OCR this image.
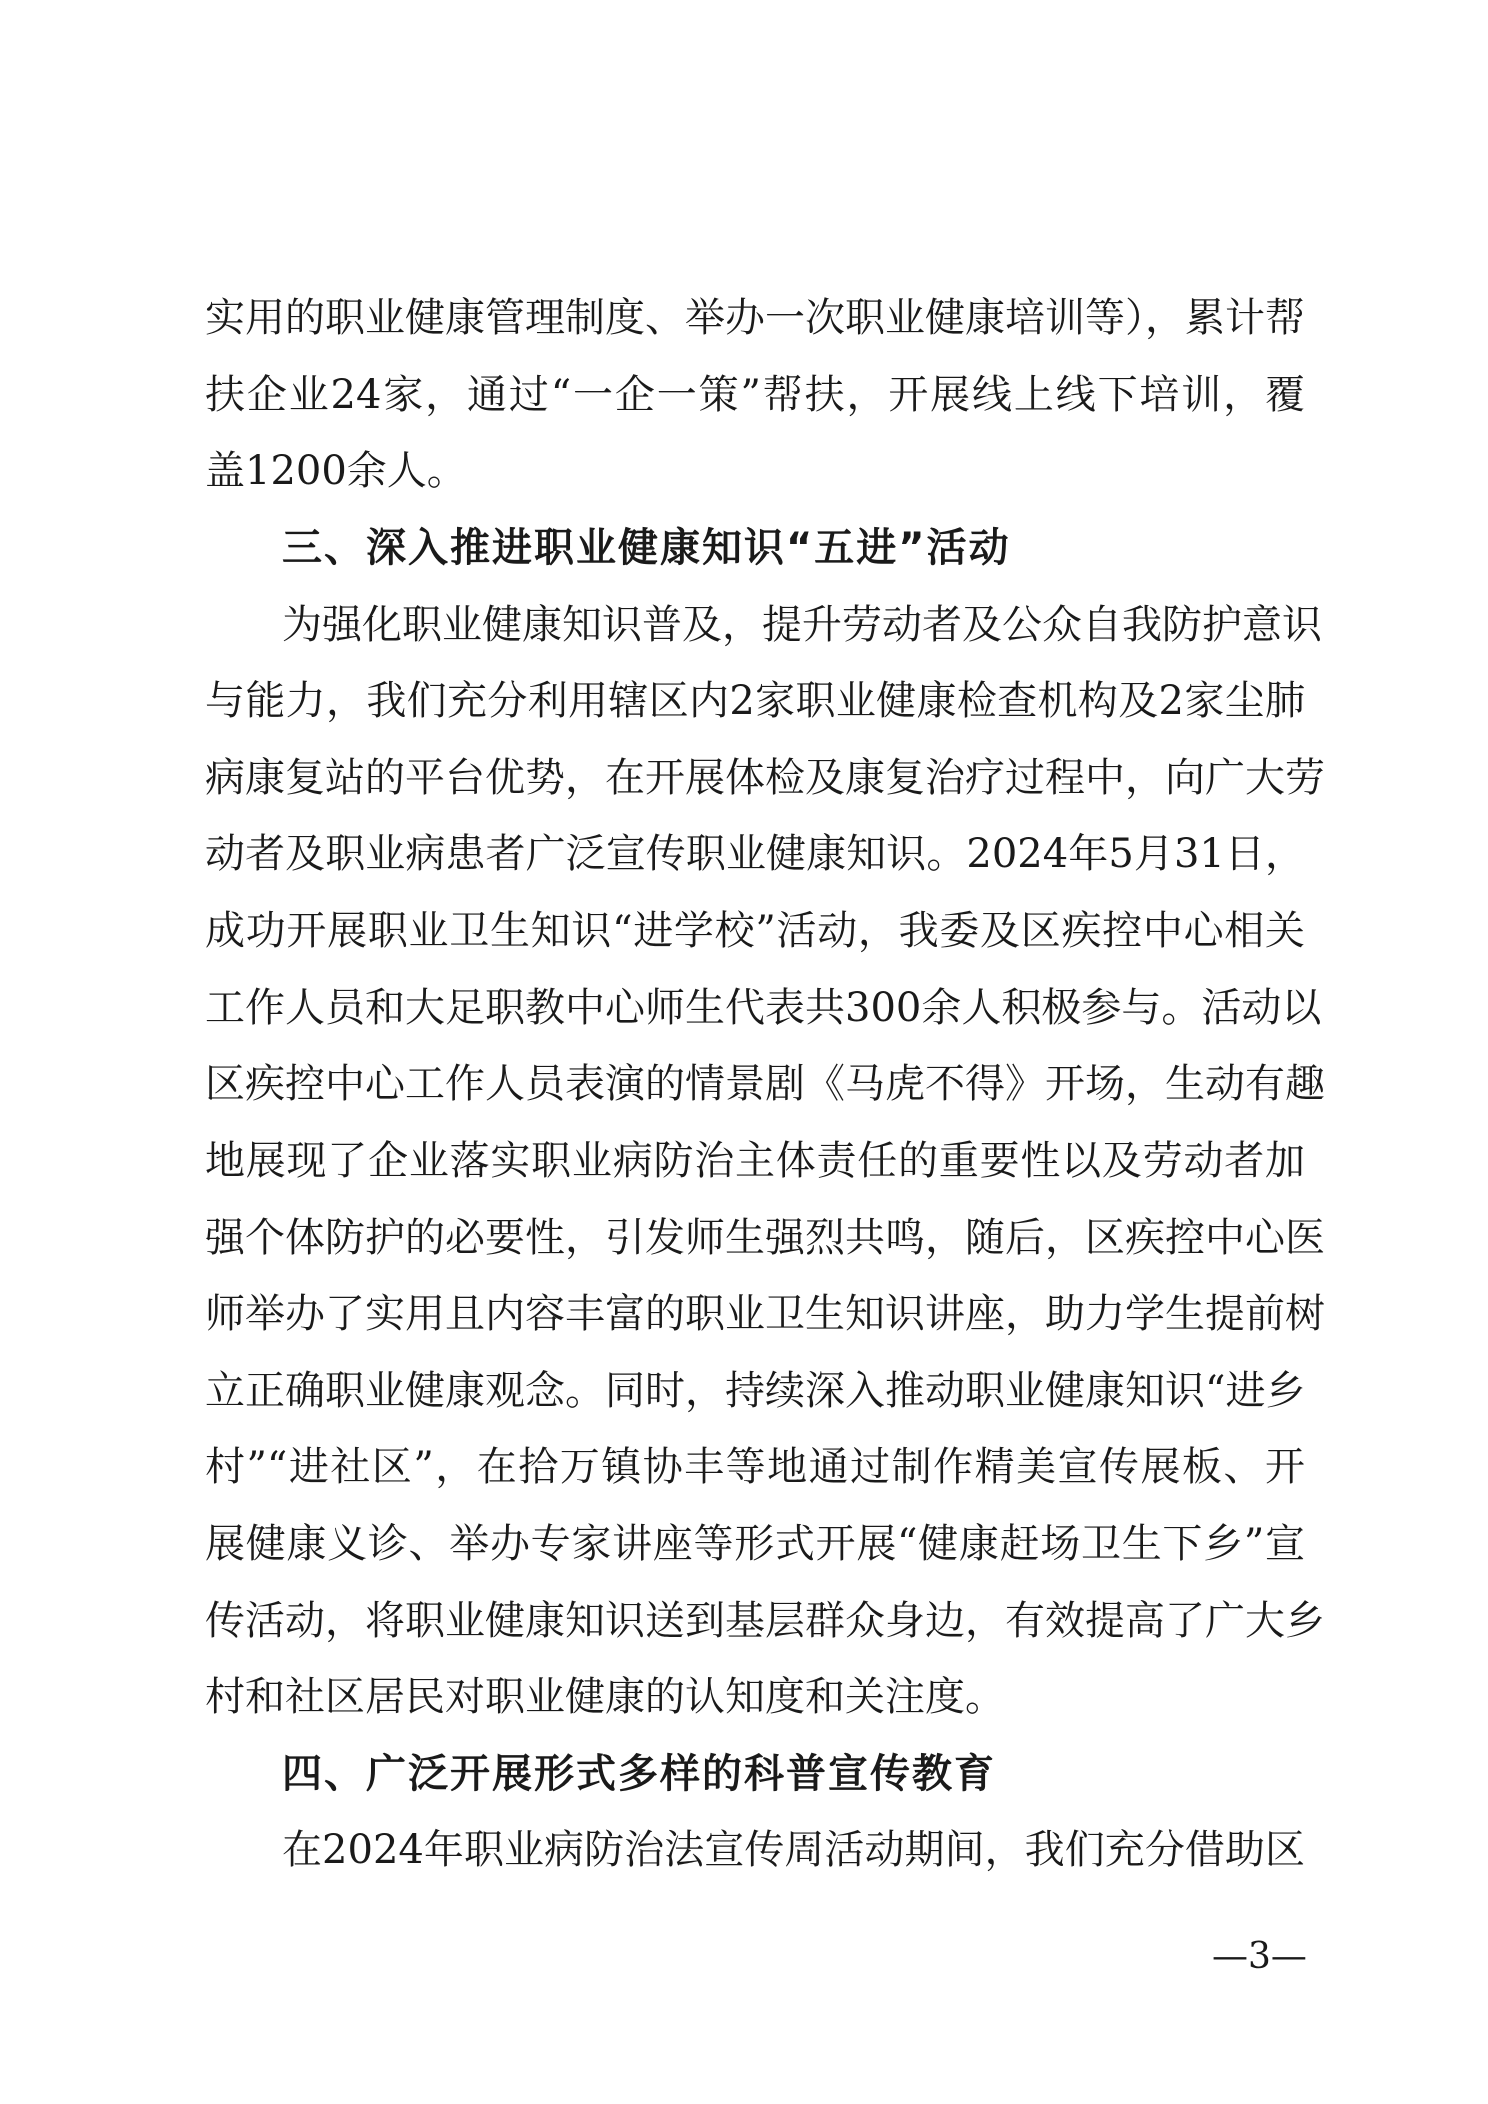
实用的职业健康管理制度、举办一次职业健康培训等），累计帮
扶企业24家，通过“一企一策”帮扶，开展线上线下培训，覆
盖1200余人。
三、深入推进职业健康知识“五进”活动
为强化职业健康知识普及，提升劳动者及公众自我防护意识
与能力，我们充分利用辖区内2家职业健康检查机构及2家尘肺
病康复站的平台优势，在开展体检及康复治疗过程中，向广大劳
动者及职业病患者广泛宣传职业健康知识。2024年5月31日，
成功开展职业卫生知识“进学校”活动，我委及区疾控中心相关
工作人员和大足职教中心师生代表共300余人积极参与。活动以
区疾控中心工作人员表演的情景剧《马虎不得》开场，生动有趣
地展现了企业落实职业病防治主体责任的重要性以及劳动者加
强个体防护的必要性，引发师生强烈共鸣，随后，区疾控中心医
师举办了实用且内容丰富的职业卫生知识讲座，助力学生提前树
立正确职业健康观念。同时，持续深入推动职业健康知识“进乡
村”“进社区”，在拾万镇协丰等地通过制作精美宣传展板、开
展健康义诊、举办专家讲座等形式开展“健康赶场卫生下乡”宣
传活动，将职业健康知识送到基层群众身边，有效提高了广大乡
村和社区居民对职业健康的认知度和关注度。
四、广泛开展形式多样的科普宣传教育
在2024年职业病防治法宣传周活动期间，我们充分借助区
—3—
